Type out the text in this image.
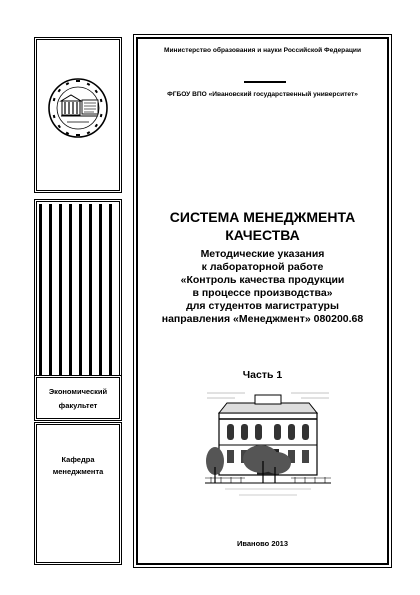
Экономический
факультет
Кафедра
менеджмента
Министерство образования и науки Российской Федерации
ФГБОУ ВПО «Ивановский государственный университет»
СИСТЕМА МЕНЕДЖМЕНТА
КАЧЕСТВА
Методические указания
к лабораторной работе
«Контроль качества продукции
в процессе производства»
для студентов магистратуры
направления «Менеджмент» 080200.68
Часть 1
Иваново 2013
